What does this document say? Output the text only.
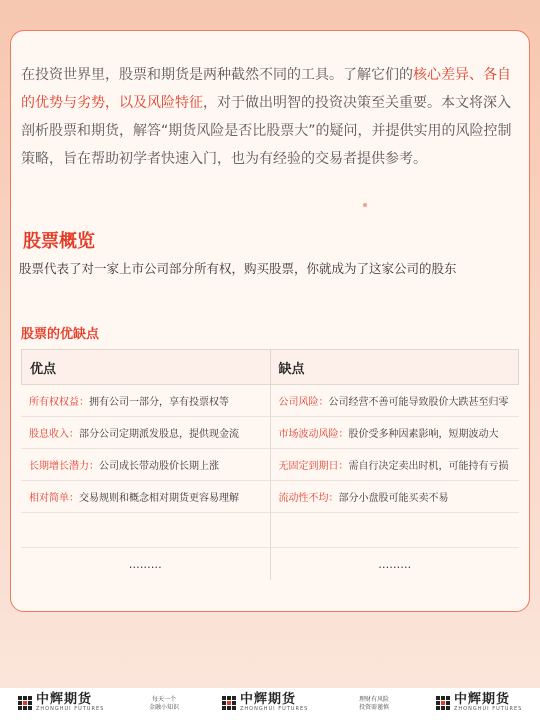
在投资世界里，股票和期货是两种截然不同的工具。了解它们的核心差异、各自的优势与劣势，以及风险特征，对于做出明智的投资决策至关重要。本文将深入剖析股票和期货，解答“期货风险是否比股票大”的疑问，并提供实用的风险控制策略，旨在帮助初学者快速入门，也为有经验的交易者提供参考。
股票概览
股票代表了对一家上市公司部分所有权，购买股票，你就成为了这家公司的股东
股票的优缺点
优点	缺点
所有权权益： 拥有公司一部分，享有投票权等	公司风险： 公司经营不善可能导致股价大跌甚至归零
股息收入： 部分公司定期派发股息，提供现金流	市场波动风险： 股价受多种因素影响，短期波动大
长期增长潜力： 公司成长带动股价长期上涨	无固定到期日： 需自行决定卖出时机，可能持有亏损
相对简单： 交易规则和概念相对期货更容易理解	流动性不均： 部分小盘股可能买卖不易
………	………
中辉期货
ZHONGHUI FUTURES
每天一个
金融小知识
中辉期货
ZHONGHUI FUTURES
理财有风险
投资需谨慎
中辉期货
ZHONGHUI FUTURES
